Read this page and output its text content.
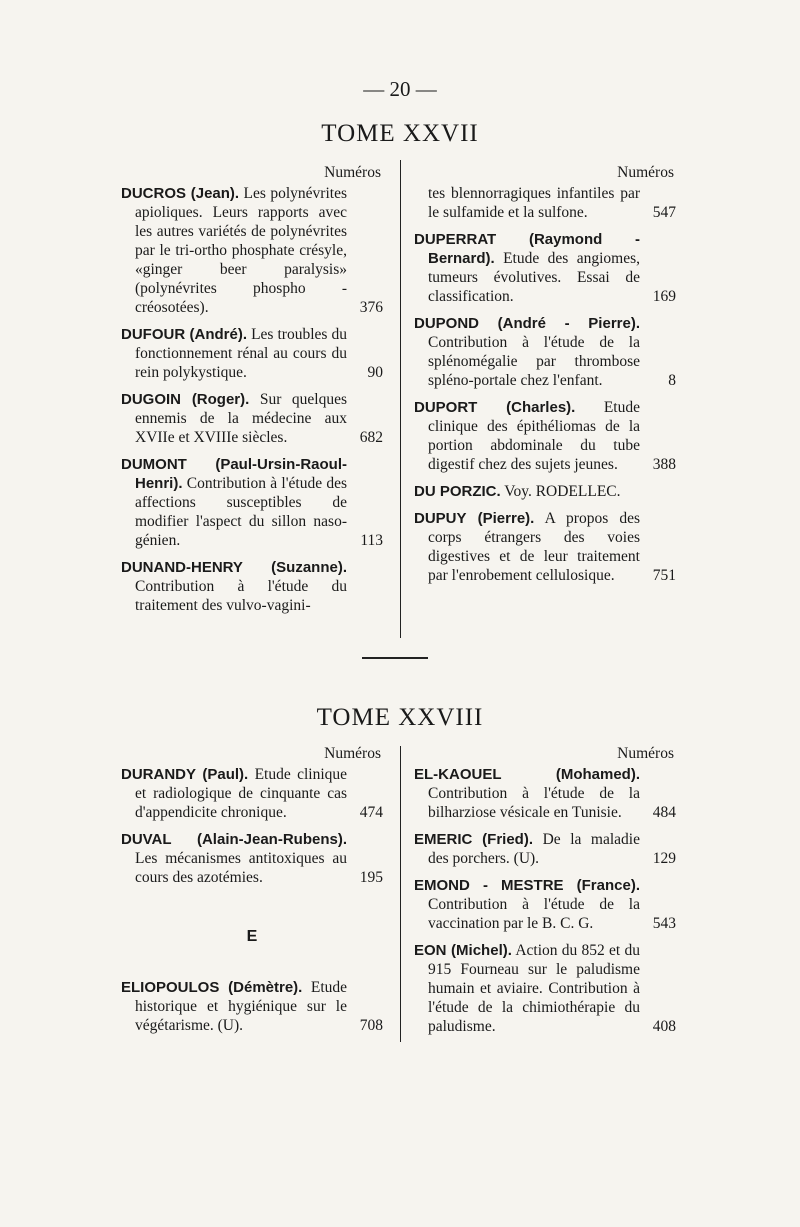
— 20 —
TOME XXVII
Numéros
DUCROS (Jean). Les polynévrites apioliques. Leurs rapports avec les autres variétés de polynévrites par le tri-ortho phosphate crésyle, «ginger beer paralysis» (polynévrites phospho - créosotées).	376
DUFOUR (André). Les troubles du fonctionnement rénal au cours du rein polykystique.	90
DUGOIN (Roger). Sur quelques ennemis de la médecine aux XVIIe et XVIIIe siècles.	682
DUMONT (Paul-Ursin-Raoul-Henri). Contribution à l'étude des affections susceptibles de modifier l'aspect du sillon naso-génien.	113
DUNAND-HENRY (Suzanne). Contribution à l'étude du traitement des vulvo-vagini-
Numéros
tes blennorragiques infantiles par le sulfamide et la sulfone.	547
DUPERRAT (Raymond - Bernard). Etude des angiomes, tumeurs évolutives. Essai de classification.	169
DUPOND (André - Pierre). Contribution à l'étude de la splénomégalie par thrombose spléno-portale chez l'enfant.	8
DUPORT (Charles). Etude clinique des épithéliomas de la portion abdominale du tube digestif chez des sujets jeunes. 388
DU PORZIC. Voy. RODELLEC.
DUPUY (Pierre). A propos des corps étrangers des voies digestives et de leur traitement par l'enrobement cellulosique. 751
TOME XXVIII
Numéros
DURANDY (Paul). Etude clinique et radiologique de cinquante cas d'appendicite chronique.	474
DUVAL (Alain-Jean-Rubens). Les mécanismes antitoxiques au cours des azotémies.	195
E
ELIOPOULOS (Démètre). Etude historique et hygiénique sur le végétarisme. (U).	708
Numéros
EL-KAOUEL (Mohamed). Contribution à l'étude de la bilharziose vésicale en Tunisie. 484
EMERIC (Fried). De la maladie des porchers. (U).	129
EMOND - MESTRE (France). Contribution à l'étude de la vaccination par le B. C. G.	543
EON (Michel). Action du 852 et du 915 Fourneau sur le paludisme humain et aviaire. Contribution à l'étude de la chimiothérapie du paludisme.	408
